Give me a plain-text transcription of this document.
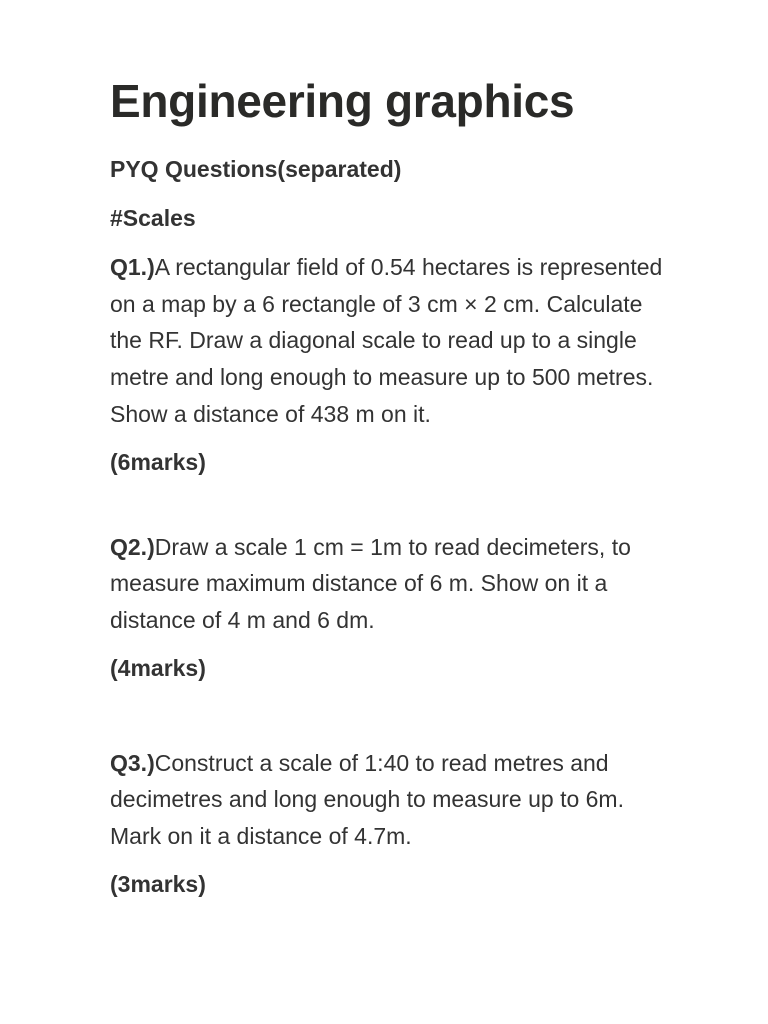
Engineering graphics

PYQ Questions(separated)

#Scales

Q1.)A rectangular field of 0.54 hectares is represented on a map by a 6 rectangle of 3 cm × 2 cm. Calculate the RF. Draw a diagonal scale to read up to a single metre and long enough to measure up to 500 metres. Show a distance of 438 m on it.

(6marks)

Q2.)Draw a scale 1 cm = 1m to read decimeters, to measure maximum distance of 6 m. Show on it a distance of 4 m and 6 dm.

(4marks)

Q3.)Construct a scale of 1:40 to read metres and decimetres and long enough to measure up to 6m. Mark on it a distance of 4.7m.

(3marks)
